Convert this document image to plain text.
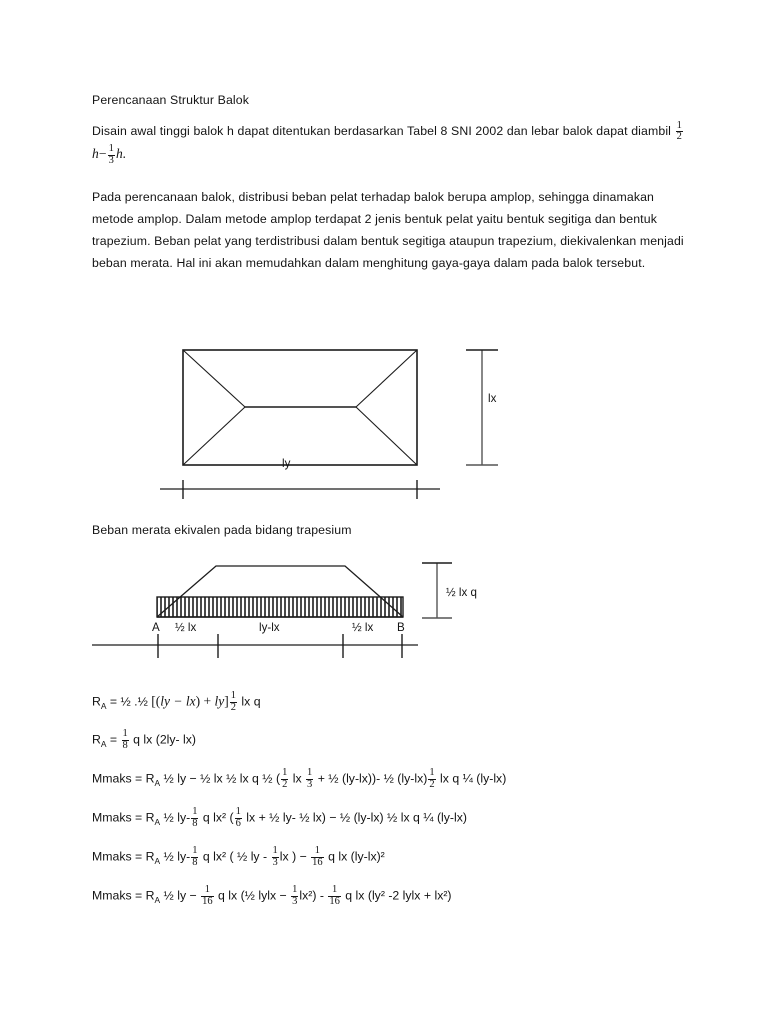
Perencanaan Struktur Balok
Disain awal tinggi balok h dapat ditentukan berdasarkan Tabel 8 SNI 2002 dan lebar balok dapat diambil $\frac{1}{2}$
$h- \frac{1}{3} h$.
Pada perencanaan balok, distribusi beban pelat terhadap balok berupa amplop, sehingga dinamakan metode amplop. Dalam metode amplop terdapat 2 jenis bentuk pelat yaitu bentuk segitiga dan bentuk trapezium. Beban pelat yang terdistribusi dalam bentuk segitiga ataupun trapezium, diekivalenkan menjadi beban merata. Hal ini akan memudahkan dalam menghitung gaya-gaya dalam pada balok tersebut.
ly
lx
Beban merata ekivalen pada bidang trapesium
A ½ lx	ly-lx	½ lx B
½ lx q
$R_A$ = ½ .½ $[(ly - lx) + ly] \frac{1}{2}$ lx q
$R_A = \frac{1}{8}$ q lx (2ly- lx)
Mmaks = $R_A$ ½ ly − ½ lx ½ lx q ½ ( $\frac{1}{2}$ lx $\frac{1}{3}$ + ½ (ly-lx))- ½ $(ly-lx) \frac{1}{2}$ lx q ¼ (ly-lx)
Mmaks = $R_A$ ½ $ly- \frac{1}{8}$ q lx² ( $\frac{1}{6}$ lx + ½ ly- ½ lx) − ½ (ly-lx) ½ lx q ¼ (ly-lx)
Mmaks = $R_A$ ½ $ly- \frac{1}{8}$ q lx² ( ½ ly - $\frac{1}{3}$ lx ) − $\frac{1}{16}$ q lx (ly-lx)²
Mmaks = $R_A$ ½ ly − $\frac{1}{16}$ q lx (½ lylx − $\frac{1}{3} lx^2) - \frac{1}{16}$ q lx (ly² -2 lylx + lx²)
